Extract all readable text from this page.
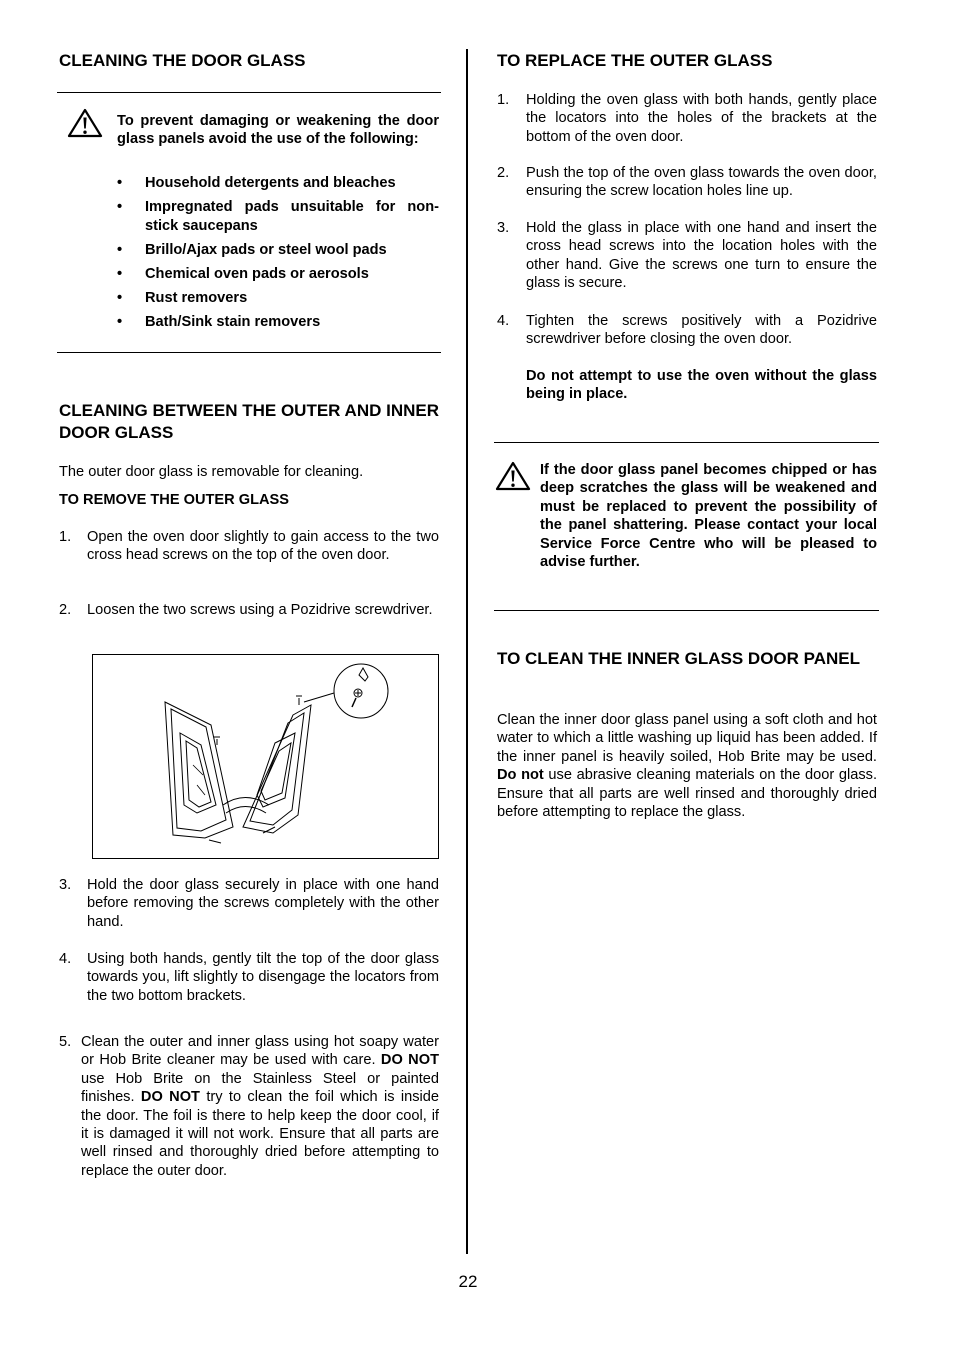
CLEANING THE DOOR GLASS
To prevent damaging or weakening the door glass panels avoid the use of the following:
• Household detergents and bleaches
• Impregnated pads unsuitable for non-stick saucepans
• Brillo/Ajax pads or steel wool pads
• Chemical oven pads or aerosols
• Rust removers
• Bath/Sink stain removers
CLEANING BETWEEN THE OUTER AND INNER DOOR GLASS
The outer door glass is removable for cleaning.
TO REMOVE THE OUTER GLASS
1. Open the oven door slightly to gain access to the two cross head screws on the top of the oven door.
2. Loosen the two screws using a Pozidrive screwdriver.
3. Hold the door glass securely in place with one hand before removing the screws completely with the other hand.
4. Using both hands, gently tilt the top of the door glass towards you, lift slightly to disengage the locators from the two bottom brackets.
5. Clean the outer and inner glass using hot soapy water or Hob Brite cleaner may be used with care. DO NOT use Hob Brite on the Stainless Steel or painted finishes. DO NOT try to clean the foil which is inside the door. The foil is there to help keep the door cool, if it is damaged it will not work. Ensure that all parts are well rinsed and thoroughly dried before attempting to replace the outer door.
TO REPLACE THE OUTER GLASS
1. Holding the oven glass with both hands, gently place the locators into the holes of the brackets at the bottom of the oven door.
2. Push the top of the oven glass towards the oven door, ensuring the screw location holes line up.
3. Hold the glass in place with one hand and insert the cross head screws into the location holes with the other hand. Give the screws one turn to ensure the glass is secure.
4. Tighten the screws positively with a Pozidrive screwdriver before closing the oven door.
Do not attempt to use the oven without the glass being in place.
If the door glass panel becomes chipped or has deep scratches the glass will be weakened and must be replaced to prevent the possibility of the panel shattering. Please contact your local Service Force Centre who will be pleased to advise further.
TO CLEAN THE INNER GLASS DOOR PANEL
Clean the inner door glass panel using a soft cloth and hot water to which a little washing up liquid has been added. If the inner panel is heavily soiled, Hob Brite may be used. Do not use abrasive cleaning materials on the door glass. Ensure that all parts are well rinsed and thoroughly dried before attempting to replace the glass.
22
